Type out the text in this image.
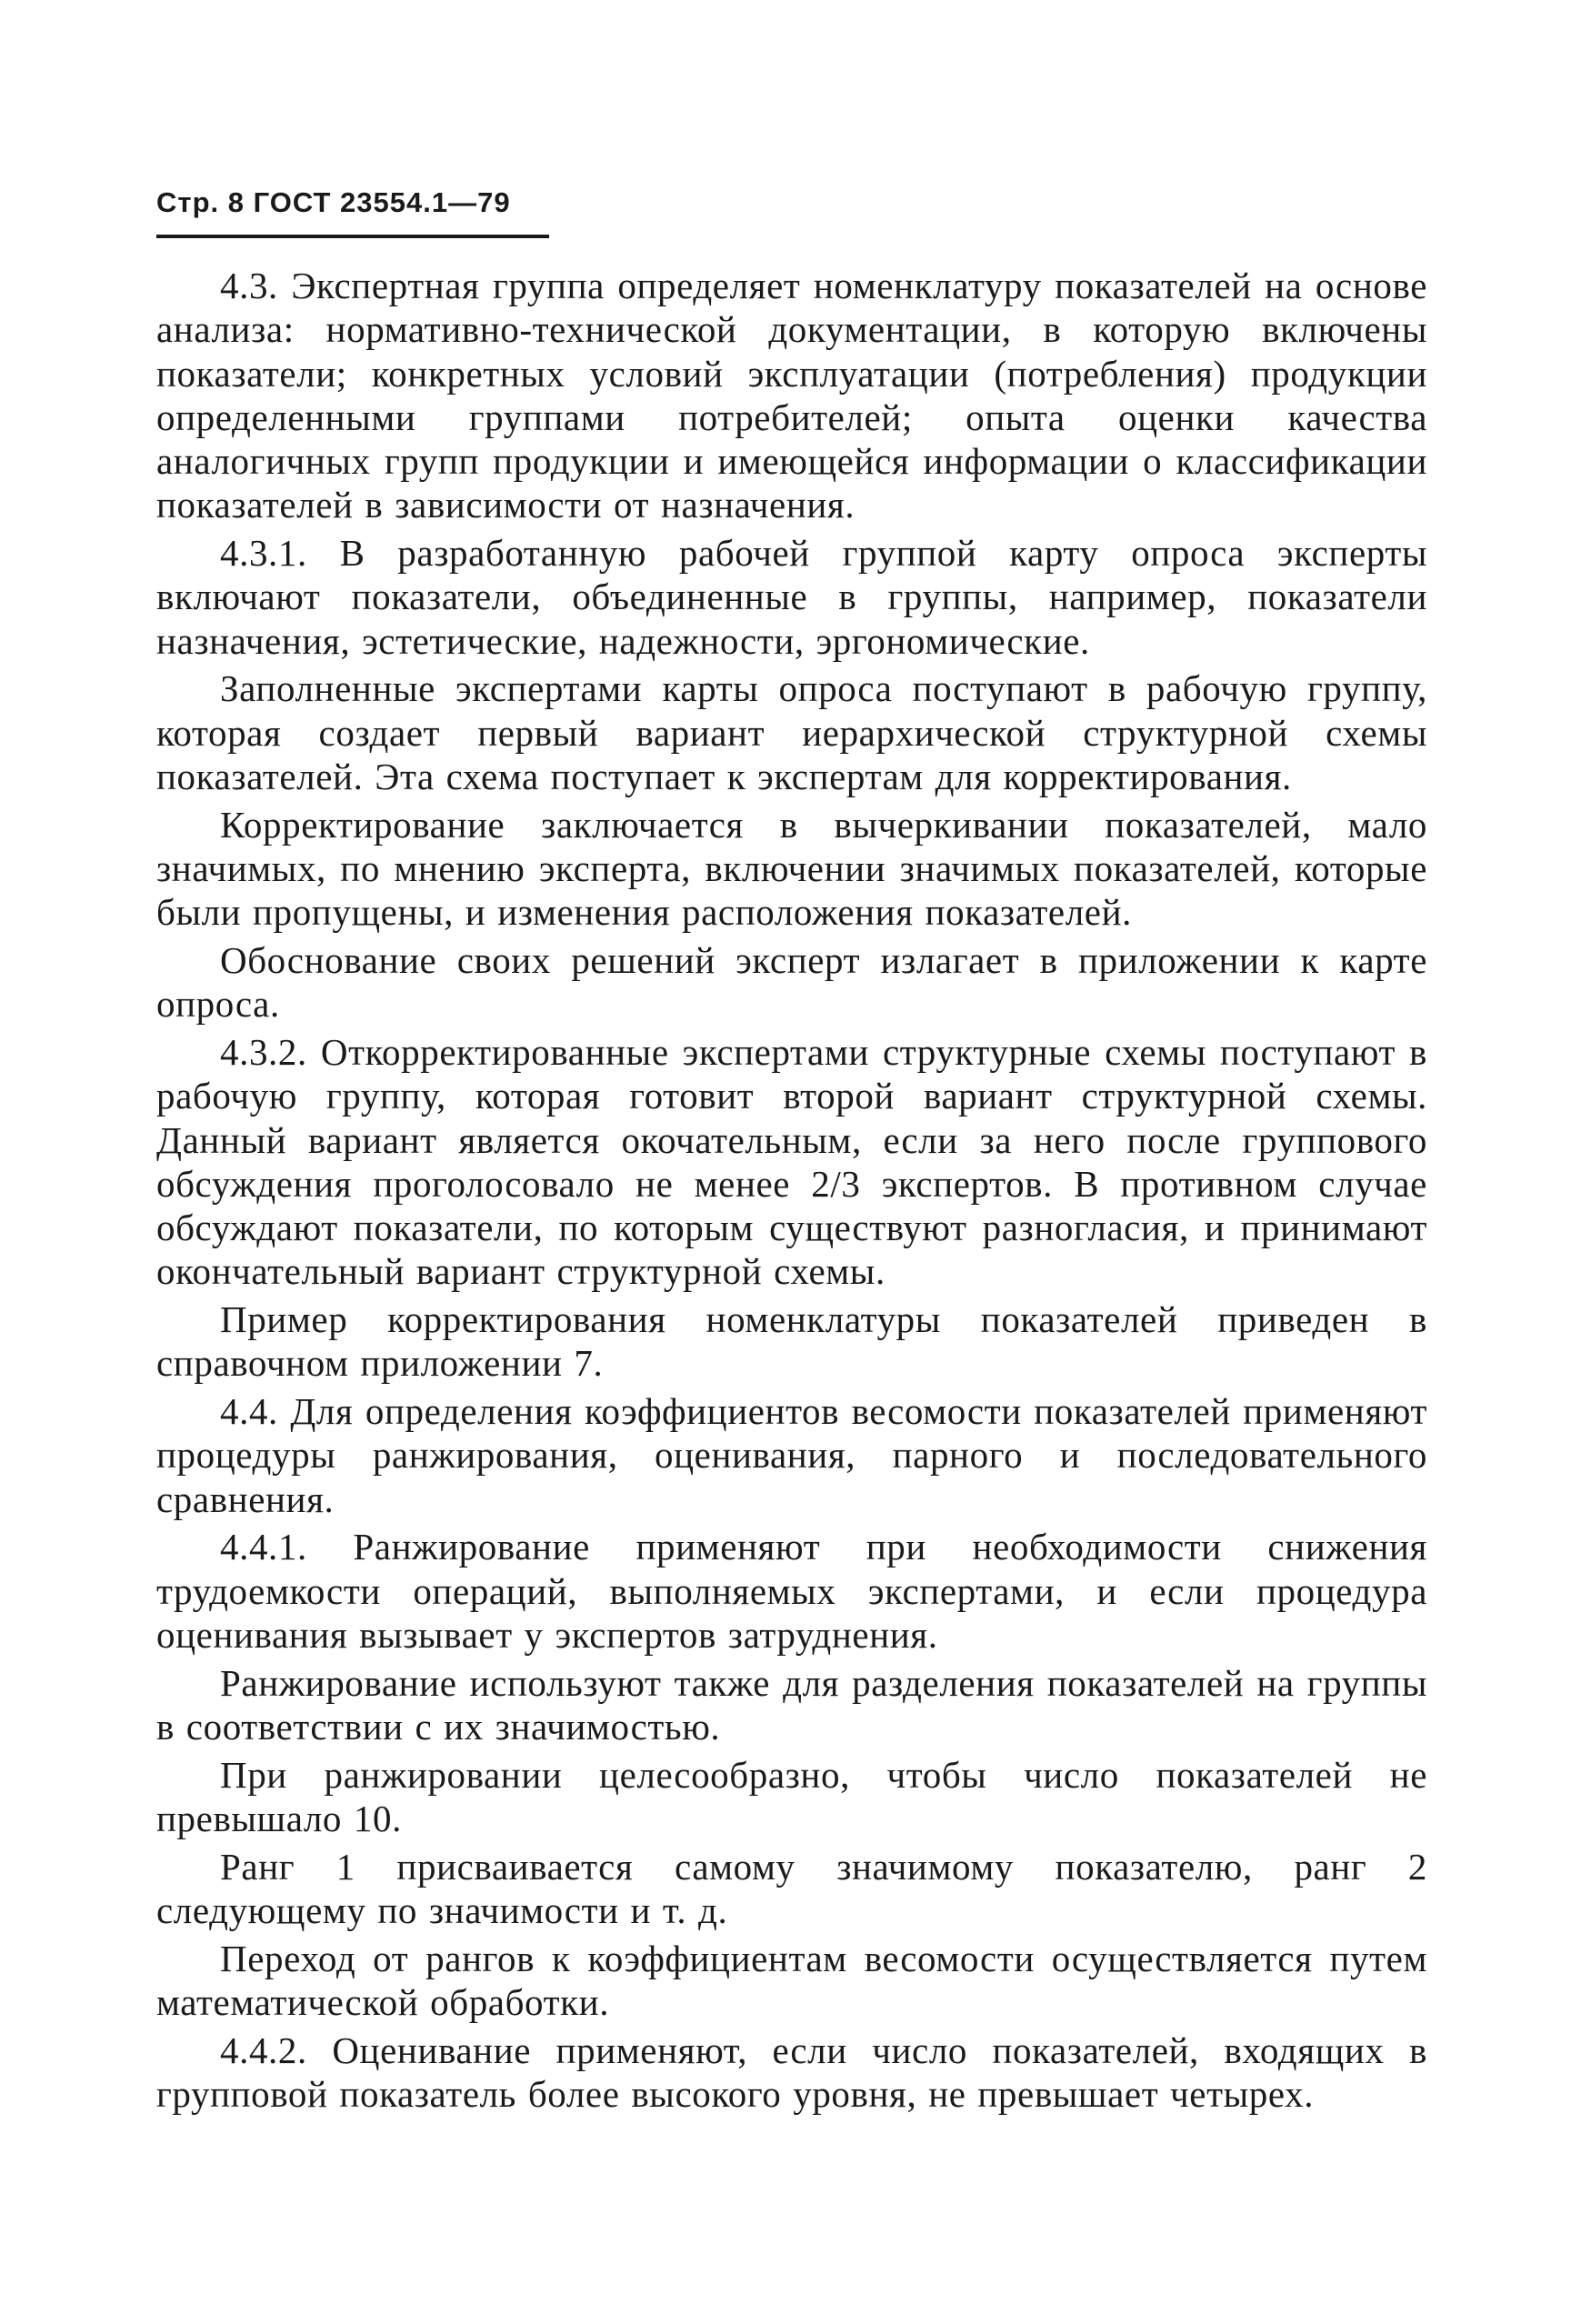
Стр. 8 ГОСТ 23554.1—79

4.3. Экспертная группа определяет номенклатуру показателей на основе анализа: нормативно-технической документации, в которую включены показатели; конкретных условий эксплуатации (потребления) продукции определенными группами потребителей; опыта оценки качества аналогичных групп продукции и имеющейся информации о классификации показателей в зависимости от назначения.

4.3.1. В разработанную рабочей группой карту опроса эксперты включают показатели, объединенные в группы, например, показатели назначения, эстетические, надежности, эргономические.

Заполненные экспертами карты опроса поступают в рабочую группу, которая создает первый вариант иерархической структурной схемы показателей. Эта схема поступает к экспертам для корректирования.

Корректирование заключается в вычеркивании показателей, мало значимых, по мнению эксперта, включении значимых показателей, которые были пропущены, и изменения расположения показателей.

Обоснование своих решений эксперт излагает в приложении к карте опроса.

4.3.2. Откорректированные экспертами структурные схемы поступают в рабочую группу, которая готовит второй вариант структурной схемы. Данный вариант является окочательным, если за него после группового обсуждения проголосовало не менее 2/3 экспертов. В противном случае обсуждают показатели, по которым существуют разногласия, и принимают окончательный вариант структурной схемы.

Пример корректирования номенклатуры показателей приведен в справочном приложении 7.

4.4. Для определения коэффициентов весомости показателей применяют процедуры ранжирования, оценивания, парного и последовательного сравнения.

4.4.1. Ранжирование применяют при необходимости снижения трудоемкости операций, выполняемых экспертами, и если процедура оценивания вызывает у экспертов затруднения.

Ранжирование используют также для разделения показателей на группы в соответствии с их значимостью.

При ранжировании целесообразно, чтобы число показателей не превышало 10.

Ранг 1 присваивается самому значимому показателю, ранг 2 следующему по значимости и т. д.

Переход от рангов к коэффициентам весомости осуществляется путем математической обработки.

4.4.2. Оценивание применяют, если число показателей, входящих в групповой показатель более высокого уровня, не превышает четырех.
